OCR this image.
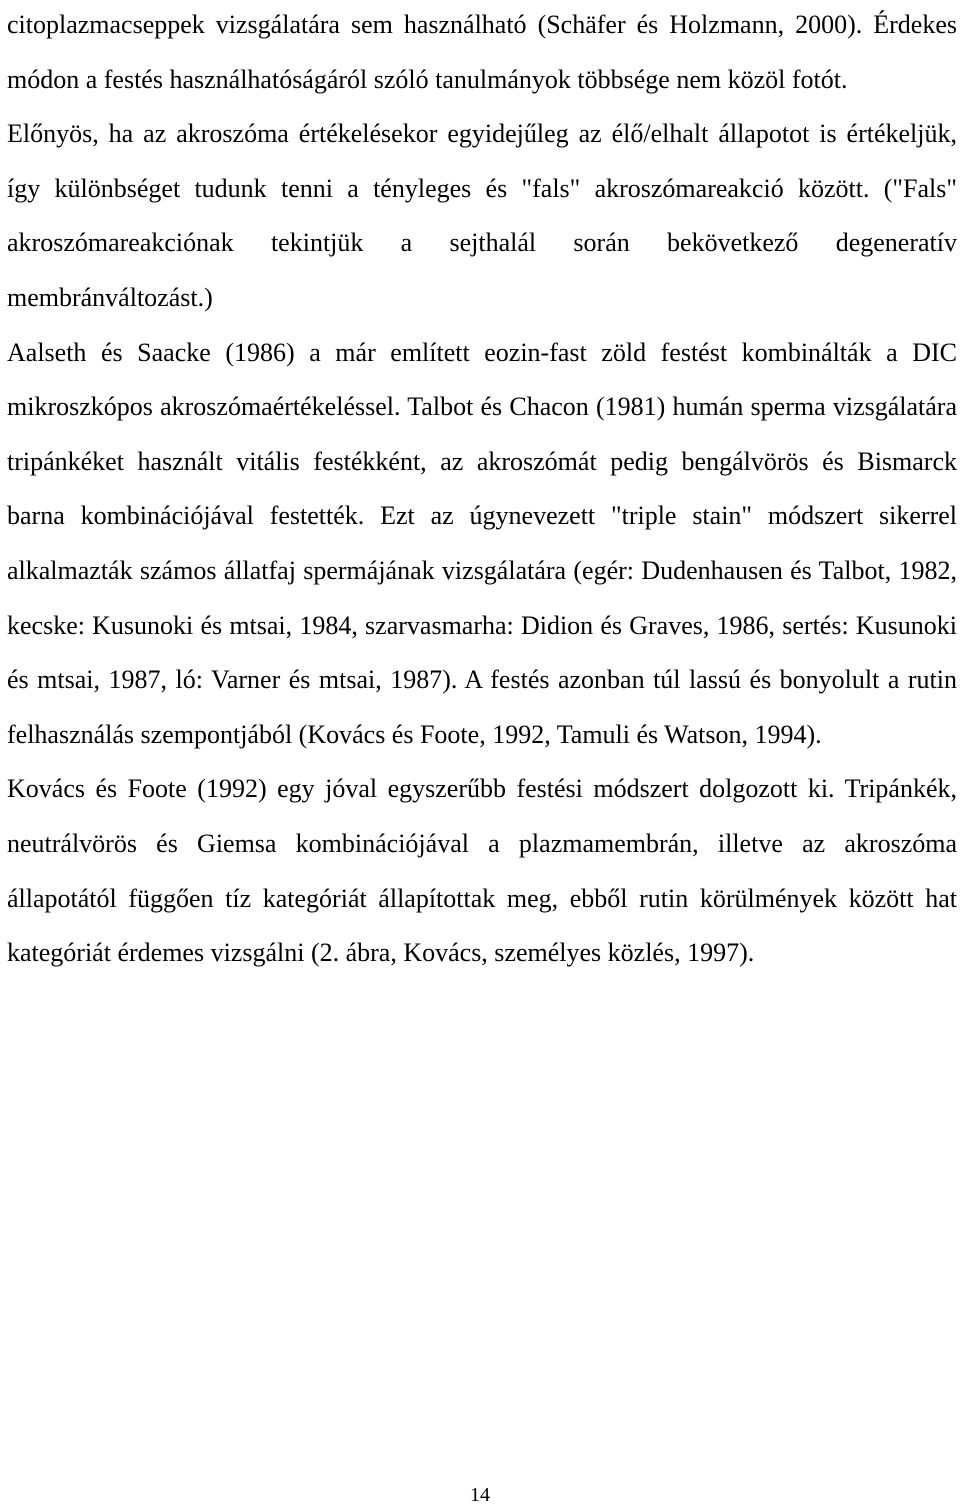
citoplazmacseppek vizsgálatára sem használható (Schäfer és Holzmann, 2000). Érdekes módon a festés használhatóságáról szóló tanulmányok többsége nem közöl fotót.

Előnyös, ha az akroszóma értékelésekor egyidejűleg az élő/elhalt állapotot is értékeljük, így különbséget tudunk tenni a tényleges és "fals" akroszómareakció között. ("Fals" akroszómareakciónak tekintjük a sejthalál során bekövetkező degeneratív membránváltozást.)

Aalseth és Saacke (1986) a már említett eozin-fast zöld festést kombinálták a DIC mikroszkópos akroszómaértékeléssel. Talbot és Chacon (1981) humán sperma vizsgálatára tripánkéket használt vitális festékként, az akroszómát pedig bengálvörös és Bismarck barna kombinációjával festették. Ezt az úgynevezett "triple stain" módszert sikerrel alkalmazták számos állatfaj spermájának vizsgálatára (egér: Dudenhausen és Talbot, 1982, kecske: Kusunoki és mtsai, 1984, szarvasmarha: Didion és Graves, 1986, sertés: Kusunoki és mtsai, 1987, ló: Varner és mtsai, 1987). A festés azonban túl lassú és bonyolult a rutin felhasználás szempontjából (Kovács és Foote, 1992, Tamuli és Watson, 1994).

Kovács és Foote (1992) egy jóval egyszerűbb festési módszert dolgozott ki. Tripánkék, neutrálvörös és Giemsa kombinációjával a plazmamembrán, illetve az akroszóma állapotától függően tíz kategóriát állapítottak meg, ebből rutin körülmények között hat kategóriát érdemes vizsgálni (2. ábra, Kovács, személyes közlés, 1997).

14
